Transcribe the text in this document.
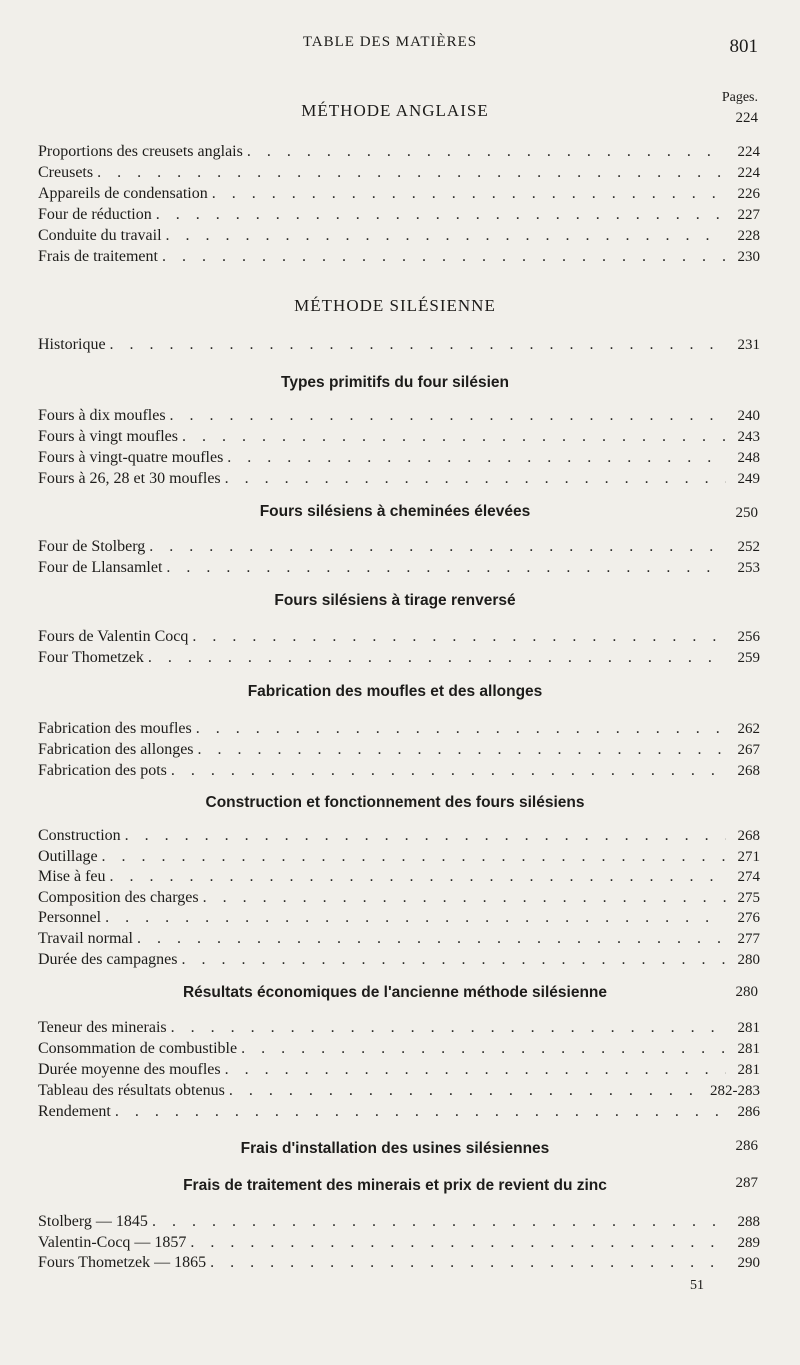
TABLE DES MATIÈRES	801
Pages.
MÉTHODE ANGLAISE	224
Proportions des creusets anglais . . .	224
Creusets . . .	224
Appareils de condensation . . .	226
Four de réduction . . .	227
Conduite du travail . . .	228
Frais de traitement . . .	230
MÉTHODE SILÉSIENNE
Historique . . .	231
Types primitifs du four silésien
Fours à dix moufles . . .	240
Fours à vingt moufles . . .	243
Fours à vingt-quatre moufles . . .	248
Fours à 26, 28 et 30 moufles . . .	249
Fours silésiens à cheminées élevées	250
Four de Stolberg . . .	252
Four de Llansamlet . . .	253
Fours silésiens à tirage renversé
Fours de Valentin Cocq . . .	256
Four Thometzek . . .	259
Fabrication des moufles et des allonges
Fabrication des moufles . . .	262
Fabrication des allonges . . .	267
Fabrication des pots . . .	268
Construction et fonctionnement des fours silésiens
Construction . . .	268
Outillage . . .	271
Mise à feu . . .	274
Composition des charges . . .	275
Personnel . . .	276
Travail normal . . .	277
Durée des campagnes . . .	280
Résultats économiques de l'ancienne méthode silésienne	280
Teneur des minerais . . .	281
Consommation de combustible . . .	281
Durée moyenne des moufles . . .	281
Tableau des résultats obtenus . . .	282-283
Rendement . . .	286
Frais d'installation des usines silésiennes	286
Frais de traitement des minerais et prix de revient du zinc	287
Stolberg — 1845 . . .	288
Valentin-Cocq — 1857 . . .	289
Fours Thometzek — 1865 . . .	290
51
